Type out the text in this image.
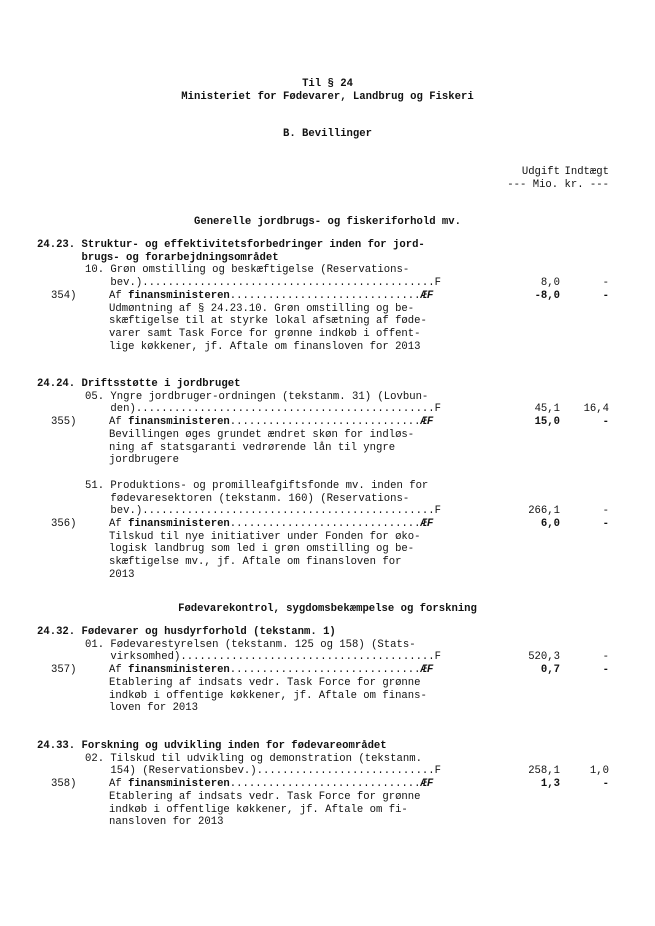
Til § 24
Ministeriet for Fødevarer, Landbrug og Fiskeri
B. Bevillinger
Udgift Indtægt
--- Mio. kr. ---
Generelle jordbrugs- og fiskeriforhold mv.
24.23. Struktur- og effektivitetsforbedringer inden for jord-
brugs- og forarbejdningsområdet
10. Grøn omstilling og beskæftigelse (Reservations-
bev.)..............................................F	8,0	-
354)	Af finansministeren..............................ÆF	-8,0	-
Udmøntning af § 24.23.10. Grøn omstilling og be-
skæftigelse til at styrke lokal afsætning af føde-
varer samt Task Force for grønne indkøb i offent-
lige køkkener, jf. Aftale om finansloven for 2013
24.24. Driftsstøtte i jordbruget
05. Yngre jordbruger-ordningen (tekstanm. 31) (Lovbun-
den)...............................................F	45,1 16,4
355)	Af finansministeren..............................ÆF	15,0	-
Bevillingen øges grundet ændret skøn for indløs-
ning af statsgaranti vedrørende lån til yngre
jordbrugere
51. Produktions- og promilleafgiftsfonde mv. inden for
fødevaresektoren (tekstanm. 160) (Reservations-
bev.)..............................................F	266,1	-
356)	Af finansministeren..............................ÆF	6,0	-
Tilskud til nye initiativer under Fonden for øko-
logisk landbrug som led i grøn omstilling og be-
skæftigelse mv., jf. Aftale om finansloven for
2013
Fødevarekontrol, sygdomsbekæmpelse og forskning
24.32. Fødevarer og husdyrforhold (tekstanm. 1)
01. Fødevarestyrelsen (tekstanm. 125 og 158) (Stats-
virksomhed)........................................F	520,3	-
357)	Af finansministeren..............................ÆF	0,7	-
Etablering af indsats vedr. Task Force for grønne
indkøb i offentige køkkener, jf. Aftale om finans-
loven for 2013
24.33. Forskning og udvikling inden for fødevareområdet
02. Tilskud til udvikling og demonstration (tekstanm.
154) (Reservationsbev.)............................F	258,1	1,0
358)	Af finansministeren..............................ÆF	1,3	-
Etablering af indsats vedr. Task Force for grønne
indkøb i offentlige køkkener, jf. Aftale om fi-
nansloven for 2013
